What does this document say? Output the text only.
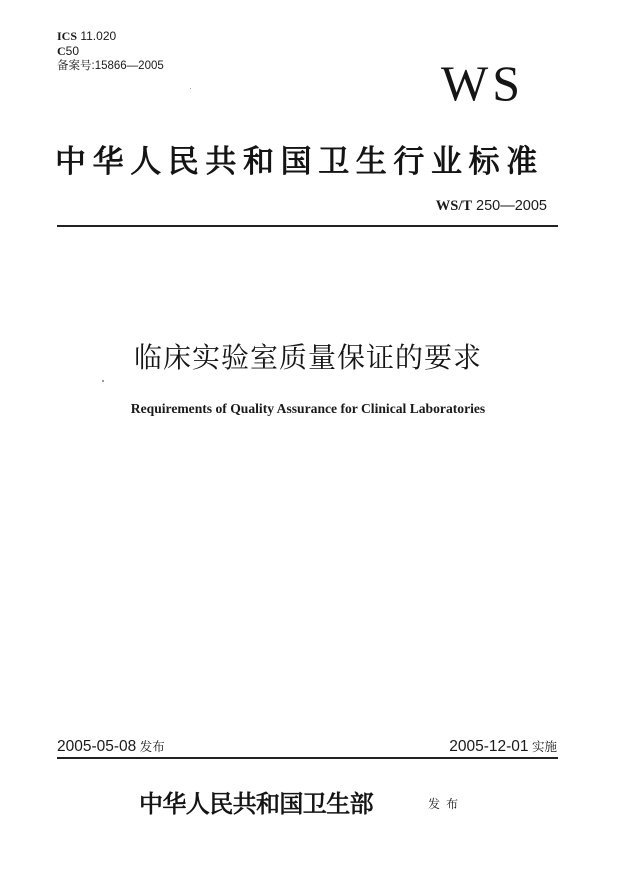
ICS 11.020
C50
备案号:15866—2005	WS
中华人民共和国卫生行业标准
WS/T 250—2005
临床实验室质量保证的要求
Requirements of Quality Assurance for Clinical Laboratories
2005-05-08 发布	2005-12-01 实施
中华人民共和国卫生部	发布
